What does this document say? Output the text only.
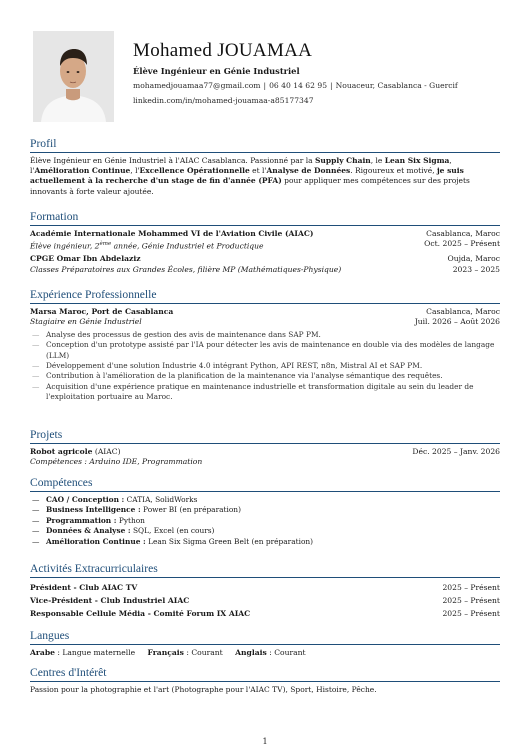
Mohamed JOUAMAA
Élève Ingénieur en Génie Industriel
mohamedjouamaa77@gmail.com | 06 40 14 62 95 | Nouaceur, Casablanca - Guercif
linkedin.com/in/mohamed-jouamaa-a85177347
Profil
Élève Ingénieur en Génie Industriel à l'AIAC Casablanca. Passionné par la Supply Chain, le Lean Six Sigma, l'Amélioration Continue, l'Excellence Opérationnelle et l'Analyse de Données. Rigoureux et motivé, je suis actuellement à la recherche d'un stage de fin d'année (PFA) pour appliquer mes compétences sur des projets innovants à forte valeur ajoutée.
Formation
Académie Internationale Mohammed VI de l'Aviation Civile (AIAC)	Casablanca, Maroc
Élève ingénieur, 2ème année, Génie Industriel et Productique	Oct. 2025 – Présent
CPGE Omar Ibn Abdelaziz	Oujda, Maroc
Classes Préparatoires aux Grandes Écoles, filière MP (Mathématiques-Physique)	2023 – 2025
Expérience Professionnelle
Marsa Maroc, Port de Casablanca	Casablanca, Maroc
Stagiaire en Génie Industriel	Juil. 2026 – Août 2026
— Analyse des processus de gestion des avis de maintenance dans SAP PM.
— Conception d'un prototype assisté par l'IA pour détecter les avis de maintenance en double via des modèles de langage (LLM)
— Développement d'une solution Industrie 4.0 intégrant Python, API REST, n8n, Mistral AI et SAP PM.
— Contribution à l'amélioration de la planification de la maintenance via l'analyse sémantique des requêtes.
— Acquisition d'une expérience pratique en maintenance industrielle et transformation digitale au sein du leader de l'exploitation portuaire au Maroc.
Projets
Robot agricole (AIAC)	Déc. 2025 – Janv. 2026
Compétences : Arduino IDE, Programmation
Compétences
— CAO / Conception : CATIA, SolidWorks
— Business Intelligence : Power BI (en préparation)
— Programmation : Python
— Données & Analyse : SQL, Excel (en cours)
— Amélioration Continue : Lean Six Sigma Green Belt (en préparation)
Activités Extracurriculaires
Président - Club AIAC TV	2025 – Présent
Vice-Président - Club Industriel AIAC	2025 – Présent
Responsable Cellule Média - Comité Forum IX AIAC	2025 – Présent
Langues
Arabe : Langue maternelle Français : Courant Anglais : Courant
Centres d'Intérêt
Passion pour la photographie et l'art (Photographe pour l'AIAC TV), Sport, Histoire, Pêche.
1
